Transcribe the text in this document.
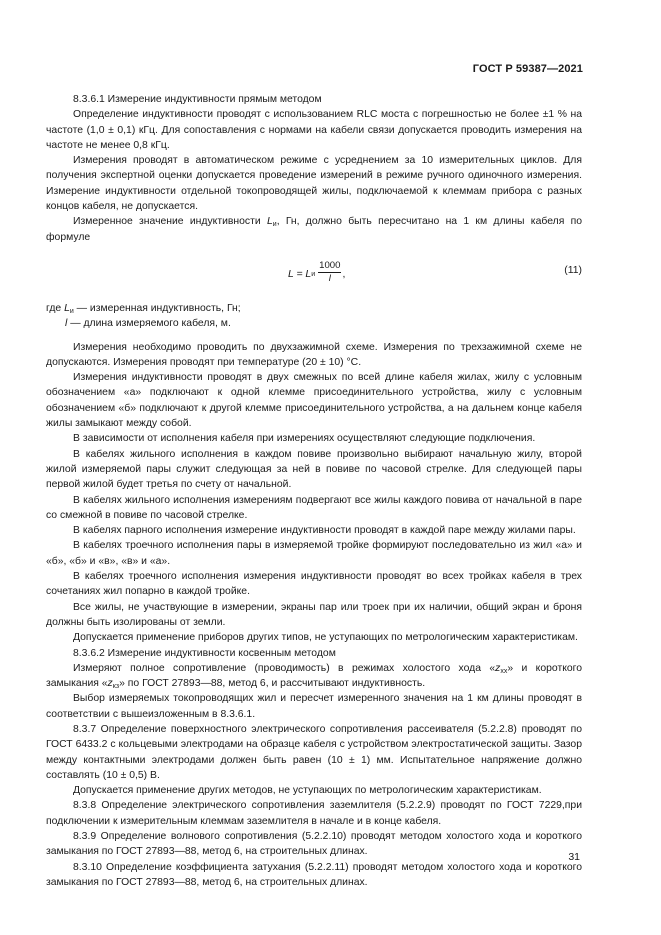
ГОСТ Р 59387—2021

8.3.6.1 Измерение индуктивности прямым методом

Определение индуктивности проводят с использованием RLC моста с погрешностью не более ±1 % на частоте (1,0 ± 0,1) кГц. Для сопоставления с нормами на кабели связи допускается проводить измерения на частоте не менее 0,8 кГц.

Измерения проводят в автоматическом режиме с усреднением за 10 измерительных циклов. Для получения экспертной оценки допускается проведение измерений в режиме ручного одиночного измерения. Измерение индуктивности отдельной токопроводящей жилы, подключаемой к клеммам прибора с разных концов кабеля, не допускается.

Измеренное значение индуктивности $L_и$, Гн, должно быть пересчитано на 1 км длины кабеля по формуле

L = L и $\frac{1000}{l}$ ,	(11)

где $L_и$ — измеренная индуктивность, Гн;

l — длина измеряемого кабеля, м.

Измерения необходимо проводить по двухзажимной схеме. Измерения по трехзажимной схеме не допускаются. Измерения проводят при температуре (20 ± 10) °С.

Измерения индуктивности проводят в двух смежных по всей длине кабеля жилах, жилу с условным обозначением «а» подключают к одной клемме присоединительного устройства, жилу с условным обозначением «б» подключают к другой клемме присоединительного устройства, а на дальнем конце кабеля жилы замыкают между собой.

В зависимости от исполнения кабеля при измерениях осуществляют следующие подключения.

В кабелях жильного исполнения в каждом повиве произвольно выбирают начальную жилу, второй жилой измеряемой пары служит следующая за ней в повиве по часовой стрелке. Для следующей пары первой жилой будет третья по счету от начальной.

В кабелях жильного исполнения измерениям подвергают все жилы каждого повива от начальной в паре со смежной в повиве по часовой стрелке.

В кабелях парного исполнения измерение индуктивности проводят в каждой паре между жилами пары.

В кабелях троечного исполнения пары в измеряемой тройке формируют последовательно из жил «а» и «б», «б» и «в», «в» и «а».

В кабелях троечного исполнения измерения индуктивности проводят во всех тройках кабеля в трех сочетаниях жил попарно в каждой тройке.

Все жилы, не участвующие в измерении, экраны пар или троек при их наличии, общий экран и броня должны быть изолированы от земли.

Допускается применение приборов других типов, не уступающих по метрологическим характеристикам.

8.3.6.2 Измерение индуктивности косвенным методом

Измеряют полное сопротивление (проводимость) в режимах холостого хода «$z_{хх}$» и короткого замыкания «$z_{кз}$» по ГОСТ 27893—88, метод 6, и рассчитывают индуктивность.

Выбор измеряемых токопроводящих жил и пересчет измеренного значения на 1 км длины проводят в соответствии с вышеизложенным в 8.3.6.1.

8.3.7 Определение поверхностного электрического сопротивления рассеивателя (5.2.2.8) проводят по ГОСТ 6433.2 с кольцевыми электродами на образце кабеля с устройством электростатической защиты. Зазор между контактными электродами должен быть равен (10 ± 1) мм. Испытательное напряжение должно составлять (10 ± 0,5) В.

Допускается применение других методов, не уступающих по метрологическим характеристикам.

8.3.8 Определение электрического сопротивления заземлителя (5.2.2.9) проводят по ГОСТ 7229,при подключении к измерительным клеммам заземлителя в начале и в конце кабеля.

8.3.9 Определение волнового сопротивления (5.2.2.10) проводят методом холостого хода и короткого замыкания по ГОСТ 27893—88, метод 6, на строительных длинах.

8.3.10 Определение коэффициента затухания (5.2.2.11) проводят методом холостого хода и короткого замыкания по ГОСТ 27893—88, метод 6, на строительных длинах.

31
